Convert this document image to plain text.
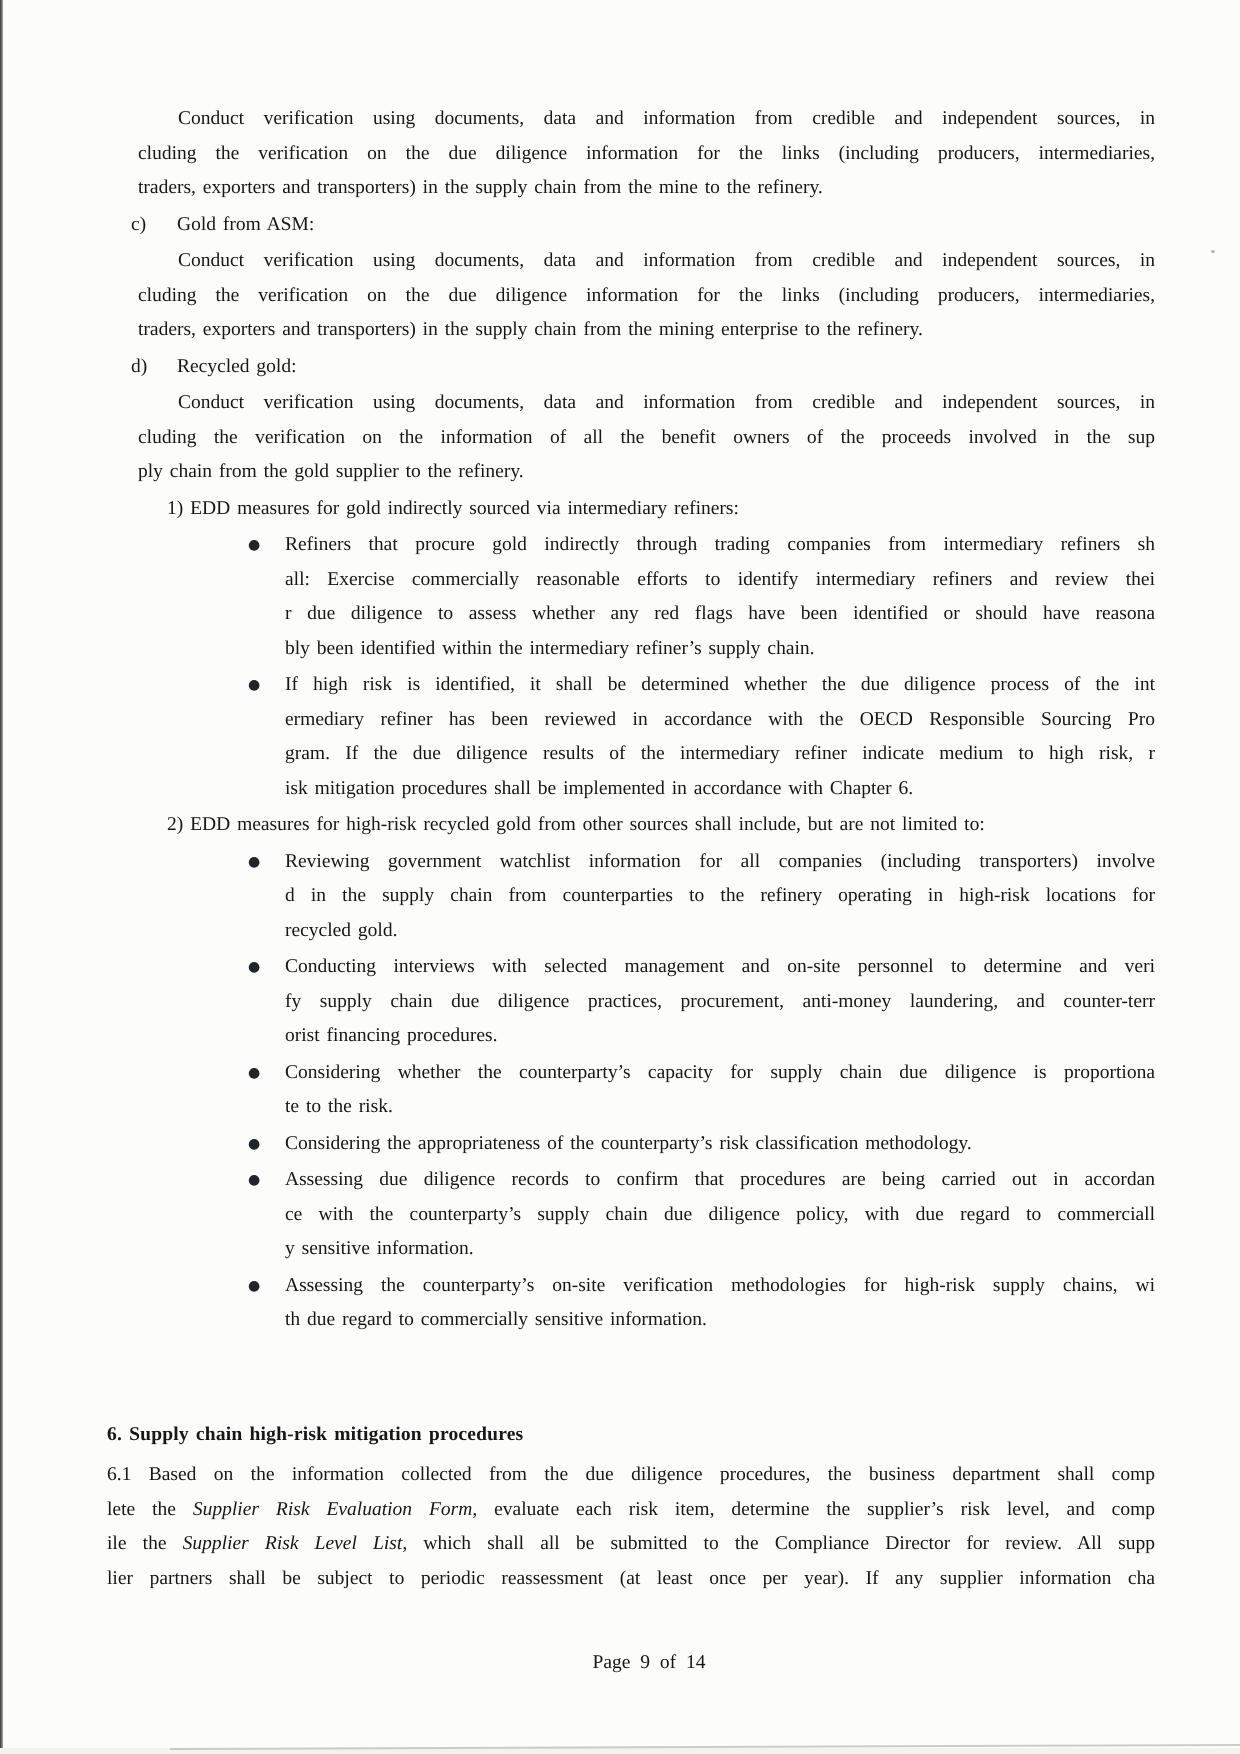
Conduct verification using documents, data and information from credible and independent sources, in
cluding the verification on the due diligence information for the links (including producers, intermediaries,
traders, exporters and transporters) in the supply chain from the mine to the refinery.
c) Gold from ASM:
Conduct verification using documents, data and information from credible and independent sources, in
cluding the verification on the due diligence information for the links (including producers, intermediaries,
traders, exporters and transporters) in the supply chain from the mining enterprise to the refinery.
d) Recycled gold:
Conduct verification using documents, data and information from credible and independent sources, in
cluding the verification on the information of all the benefit owners of the proceeds involved in the sup
ply chain from the gold supplier to the refinery.
1) EDD measures for gold indirectly sourced via intermediary refiners:
● Refiners that procure gold indirectly through trading companies from intermediary refiners sh
all: Exercise commercially reasonable efforts to identify intermediary refiners and review thei
r due diligence to assess whether any red flags have been identified or should have reasona
bly been identified within the intermediary refiner’s supply chain.
● If high risk is identified, it shall be determined whether the due diligence process of the int
ermediary refiner has been reviewed in accordance with the OECD Responsible Sourcing Pro
gram. If the due diligence results of the intermediary refiner indicate medium to high risk, r
isk mitigation procedures shall be implemented in accordance with Chapter 6.
2) EDD measures for high-risk recycled gold from other sources shall include, but are not limited to:
● Reviewing government watchlist information for all companies (including transporters) involve
d in the supply chain from counterparties to the refinery operating in high-risk locations for
recycled gold.
● Conducting interviews with selected management and on-site personnel to determine and veri
fy supply chain due diligence practices, procurement, anti-money laundering, and counter-terr
orist financing procedures.
● Considering whether the counterparty’s capacity for supply chain due diligence is proportiona
te to the risk.
● Considering the appropriateness of the counterparty’s risk classification methodology.
● Assessing due diligence records to confirm that procedures are being carried out in accordan
ce with the counterparty’s supply chain due diligence policy, with due regard to commerciall
y sensitive information.
● Assessing the counterparty’s on-site verification methodologies for high-risk supply chains, wi
th due regard to commercially sensitive information.
6. Supply chain high-risk mitigation procedures
6.1 Based on the information collected from the due diligence procedures, the business department shall comp
lete the Supplier Risk Evaluation Form, evaluate each risk item, determine the supplier’s risk level, and comp
ile the Supplier Risk Level List, which shall all be submitted to the Compliance Director for review. All supp
lier partners shall be subject to periodic reassessment (at least once per year). If any supplier information cha
Page 9 of 14
